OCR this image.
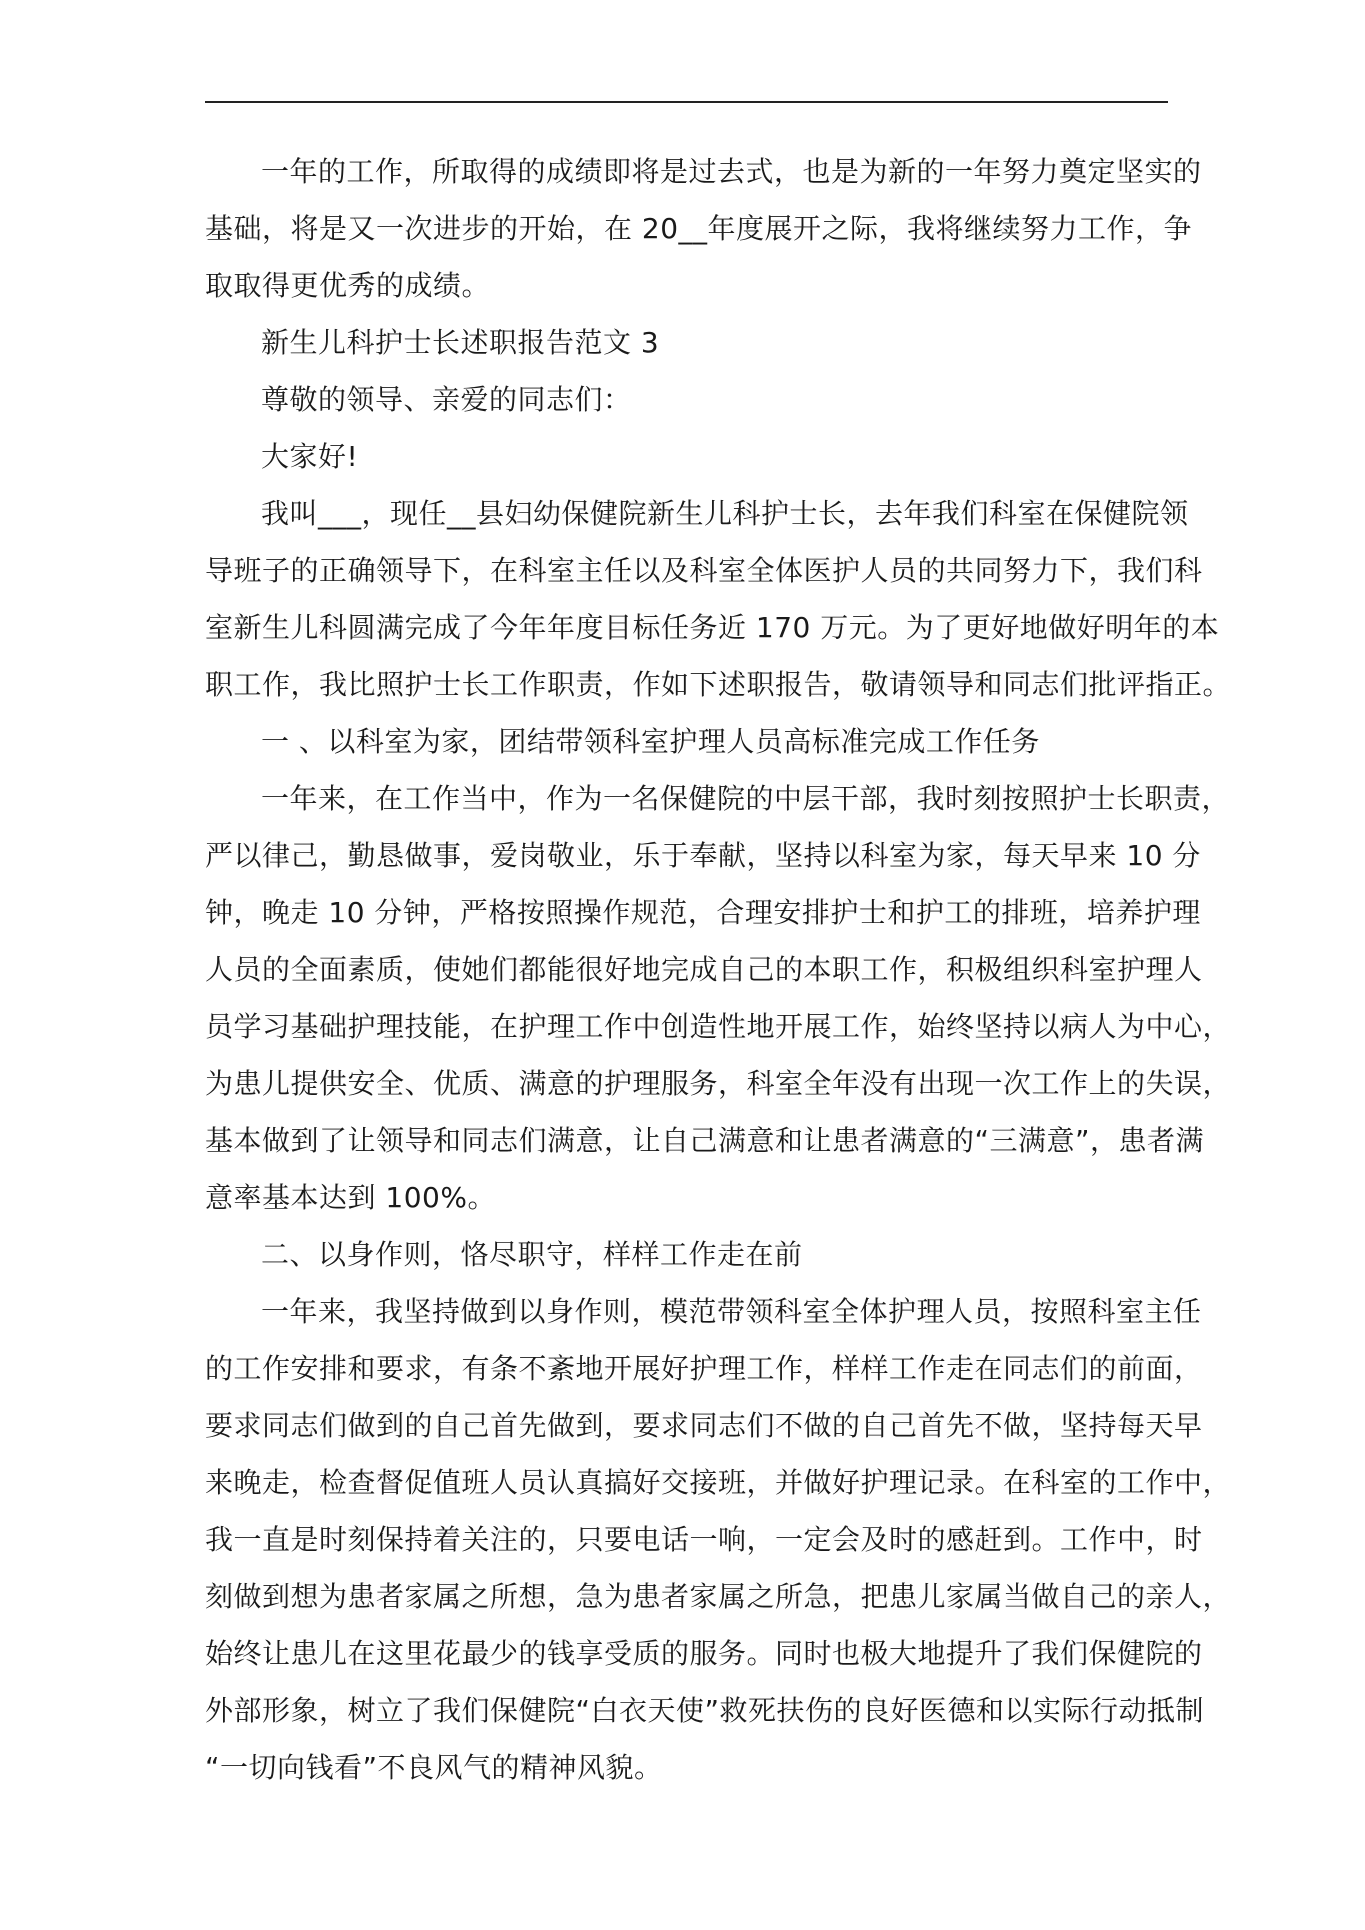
一年的工作，所取得的成绩即将是过去式，也是为新的一年努力奠定坚实的
基础，将是又一次进步的开始，在 20__年度展开之际，我将继续努力工作，争
取取得更优秀的成绩。

新生儿科护士长述职报告范文 3

尊敬的领导、亲爱的同志们：

大家好!

我叫___，现任__县妇幼保健院新生儿科护士长，去年我们科室在保健院领
导班子的正确领导下，在科室主任以及科室全体医护人员的共同努力下，我们科
室新生儿科圆满完成了今年年度目标任务近 170 万元。为了更好地做好明年的本
职工作，我比照护士长工作职责，作如下述职报告，敬请领导和同志们批评指正。

一 、以科室为家，团结带领科室护理人员高标准完成工作任务

一年来，在工作当中，作为一名保健院的中层干部，我时刻按照护士长职责，
严以律己，勤恳做事，爱岗敬业，乐于奉献，坚持以科室为家，每天早来 10 分
钟，晚走 10 分钟，严格按照操作规范，合理安排护士和护工的排班，培养护理
人员的全面素质，使她们都能很好地完成自己的本职工作，积极组织科室护理人
员学习基础护理技能，在护理工作中创造性地开展工作，始终坚持以病人为中心，
为患儿提供安全、优质、满意的护理服务，科室全年没有出现一次工作上的失误，
基本做到了让领导和同志们满意，让自己满意和让患者满意的“三满意”，患者满
意率基本达到 100%。

二、以身作则，恪尽职守，样样工作走在前

一年来，我坚持做到以身作则，模范带领科室全体护理人员，按照科室主任
的工作安排和要求，有条不紊地开展好护理工作，样样工作走在同志们的前面，
要求同志们做到的自己首先做到，要求同志们不做的自己首先不做，坚持每天早
来晚走，检查督促值班人员认真搞好交接班，并做好护理记录。在科室的工作中，
我一直是时刻保持着关注的，只要电话一响，一定会及时的感赶到。工作中，时
刻做到想为患者家属之所想，急为患者家属之所急，把患儿家属当做自己的亲人，
始终让患儿在这里花最少的钱享受质的服务。同时也极大地提升了我们保健院的
外部形象，树立了我们保健院“白衣天使”救死扶伤的良好医德和以实际行动抵制
“一切向钱看”不良风气的精神风貌。
